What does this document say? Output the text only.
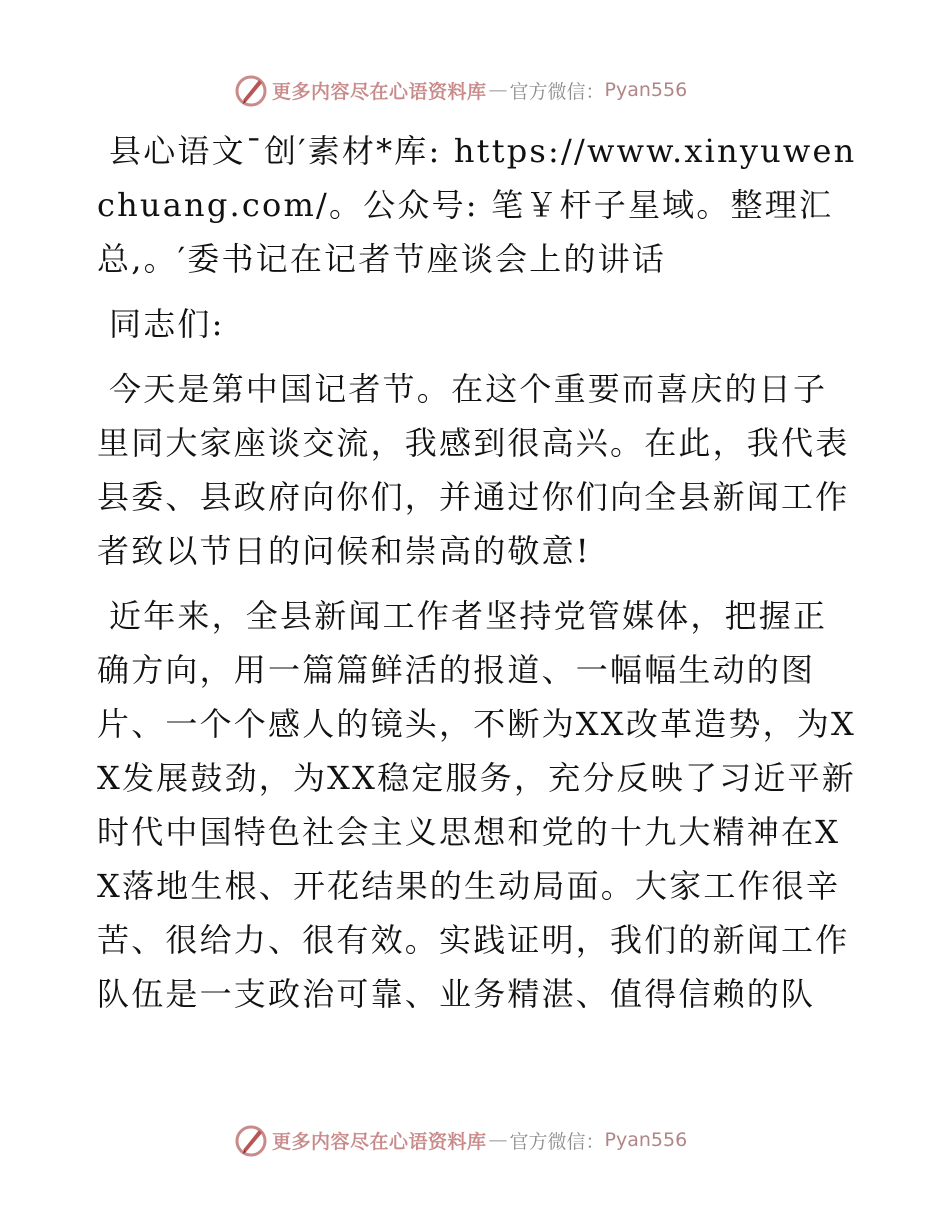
更多内容尽在心语资料库 — 官方微信： Pyan556

县心语文¯创′素材*库: https://www.xinyuwenchuang.com/。公众号: 笔￥杆子星域。整理汇总,。′委书记在记者节座谈会上的讲话

同志们:

今天是第中国记者节。在这个重要而喜庆的日子里同大家座谈交流，我感到很高兴。在此，我代表县委、县政府向你们，并通过你们向全县新闻工作者致以节日的问候和崇高的敬意!

近年来，全县新闻工作者坚持党管媒体，把握正确方向，用一篇篇鲜活的报道、一幅幅生动的图片、一个个感人的镜头，不断为XX改革造势，为XX发展鼓劲，为XX稳定服务，充分反映了习近平新时代中国特色社会主义思想和党的十九大精神在XX落地生根、开花结果的生动局面。大家工作很辛苦、很给力、很有效。实践证明，我们的新闻工作队伍是一支政治可靠、业务精湛、值得信赖的队

更多内容尽在心语资料库 — 官方微信： Pyan556
